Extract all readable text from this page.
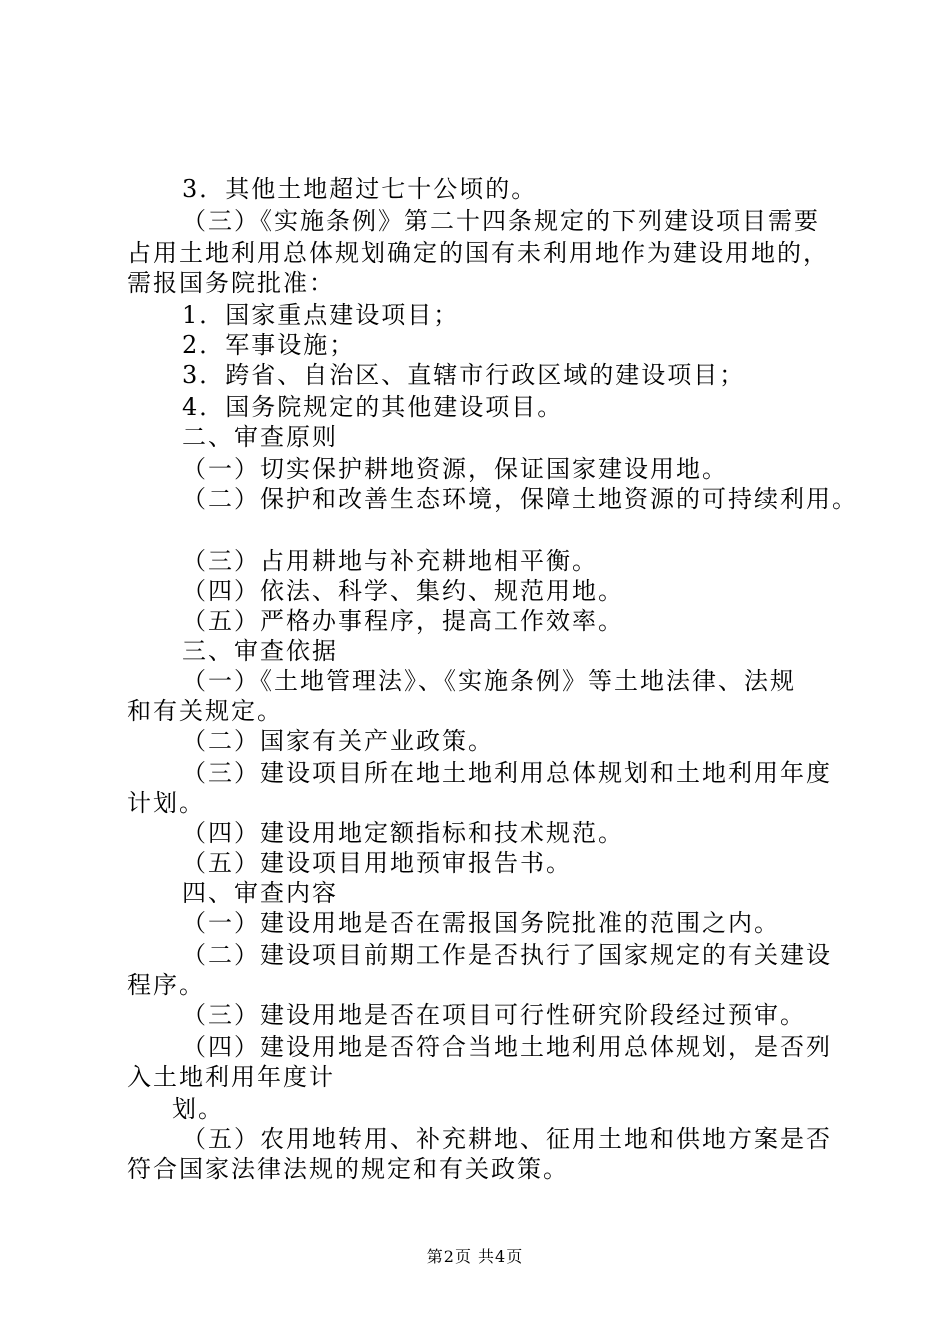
3．其他土地超过七十公顷的。
（三）《实施条例》第二十四条规定的下列建设项目需要
占用土地利用总体规划确定的国有未利用地作为建设用地的，
需报国务院批准：
1．国家重点建设项目；
2．军事设施；
3．跨省、自治区、直辖市行政区域的建设项目；
4．国务院规定的其他建设项目。
二、审查原则
（一）切实保护耕地资源，保证国家建设用地。
（二）保护和改善生态环境，保障土地资源的可持续利用。
（三）占用耕地与补充耕地相平衡。
（四）依法、科学、集约、规范用地。
（五）严格办事程序，提高工作效率。
三、审查依据
（一）《土地管理法》、《实施条例》等土地法律、法规
和有关规定。
（二）国家有关产业政策。
（三）建设项目所在地土地利用总体规划和土地利用年度
计划。
（四）建设用地定额指标和技术规范。
（五）建设项目用地预审报告书。
四、审查内容
（一）建设用地是否在需报国务院批准的范围之内。
（二）建设项目前期工作是否执行了国家规定的有关建设
程序。
（三）建设用地是否在项目可行性研究阶段经过预审。
（四）建设用地是否符合当地土地利用总体规划，是否列
入土地利用年度计
划。
（五）农用地转用、补充耕地、征用土地和供地方案是否
符合国家法律法规的规定和有关政策。
第2页 共4页
